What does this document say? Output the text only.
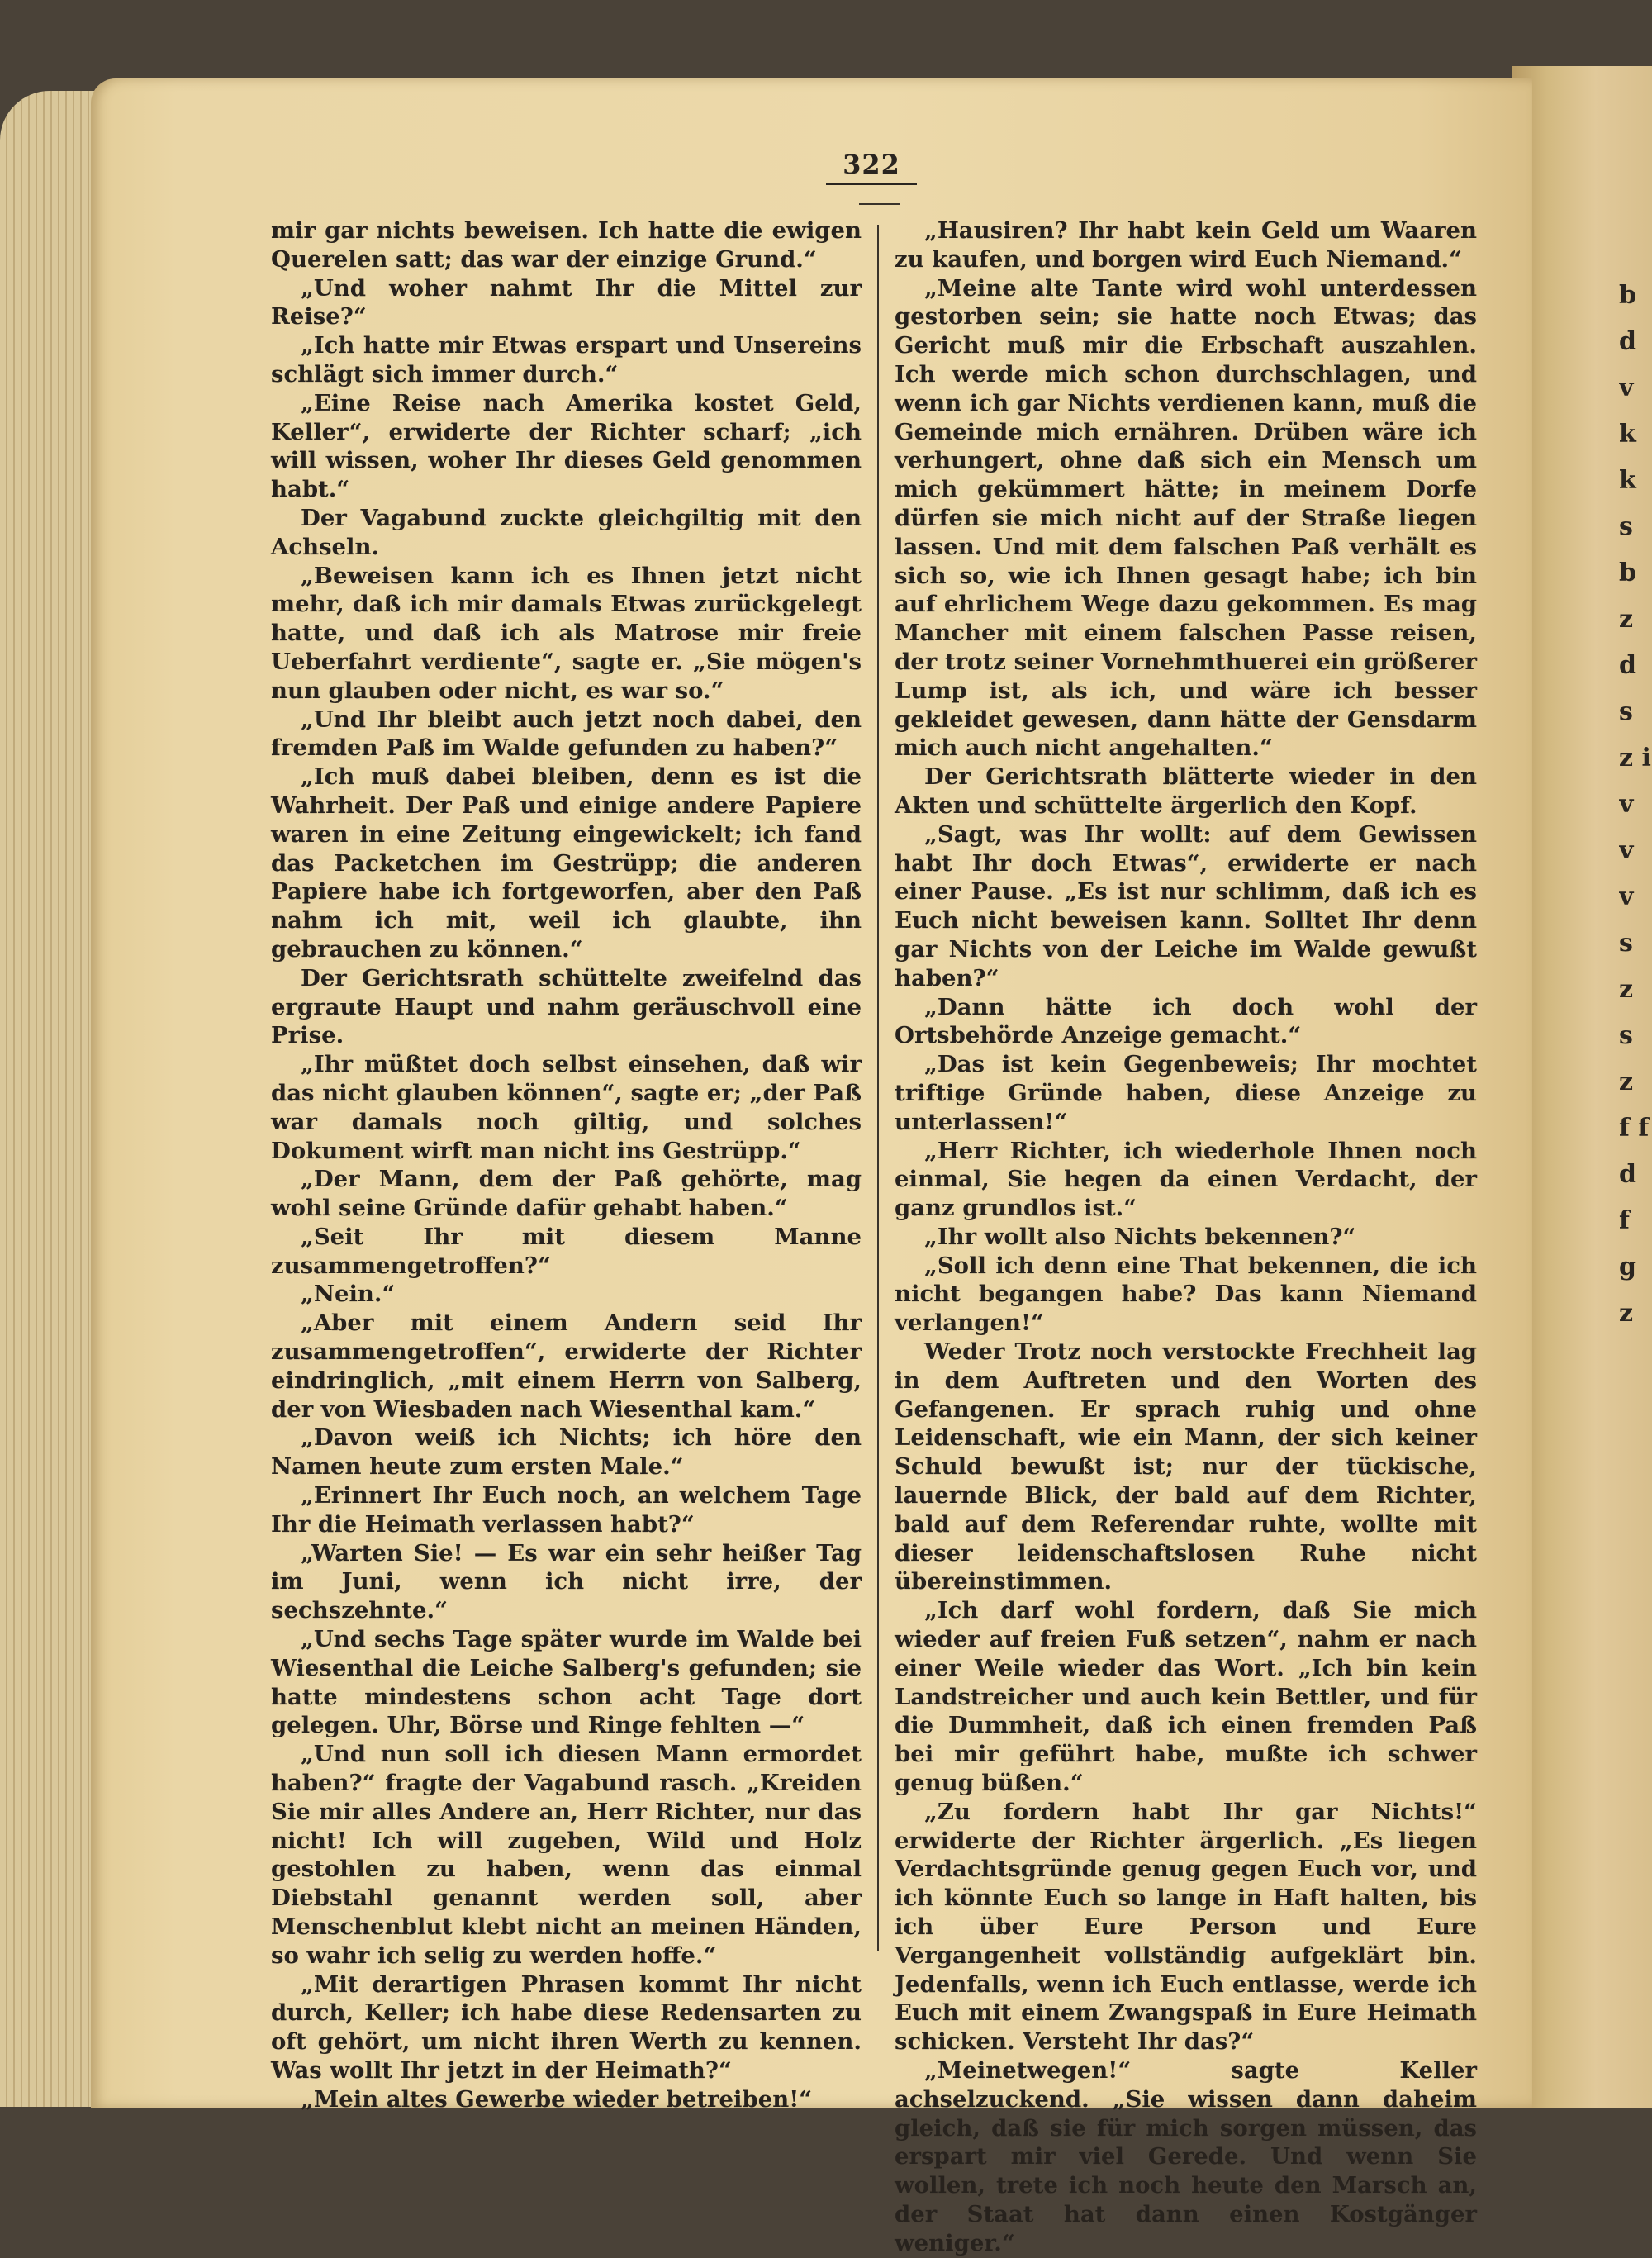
b d v k k s b z d s z i v v v s z s z f f d f g z
322

mir gar nichts beweisen. Ich hatte die ewigen Querelen satt; das war der einzige Grund.“

„Und woher nahmt Ihr die Mittel zur Reise?“

„Ich hatte mir Etwas erspart und Unsereins schlägt sich immer durch.“

„Eine Reise nach Amerika kostet Geld, Keller“, erwiderte der Richter scharf; „ich will wissen, woher Ihr dieses Geld genommen habt.“

Der Vagabund zuckte gleichgiltig mit den Achseln.

„Beweisen kann ich es Ihnen jetzt nicht mehr, daß ich mir damals Etwas zurückgelegt hatte, und daß ich als Matrose mir freie Ueberfahrt verdiente“, sagte er. „Sie mögen's nun glauben oder nicht, es war so.“

„Und Ihr bleibt auch jetzt noch dabei, den fremden Paß im Walde gefunden zu haben?“

„Ich muß dabei bleiben, denn es ist die Wahrheit. Der Paß und einige andere Papiere waren in eine Zeitung eingewickelt; ich fand das Packetchen im Gestrüpp; die anderen Papiere habe ich fortgeworfen, aber den Paß nahm ich mit, weil ich glaubte, ihn gebrauchen zu können.“

Der Gerichtsrath schüttelte zweifelnd das ergraute Haupt und nahm geräuschvoll eine Prise.

„Ihr müßtet doch selbst einsehen, daß wir das nicht glauben können“, sagte er; „der Paß war damals noch giltig, und solches Dokument wirft man nicht ins Gestrüpp.“

„Der Mann, dem der Paß gehörte, mag wohl seine Gründe dafür gehabt haben.“

„Seit Ihr mit diesem Manne zusammengetroffen?“

„Nein.“

„Aber mit einem Andern seid Ihr zusammengetroffen“, erwiderte der Richter eindringlich, „mit einem Herrn von Salberg, der von Wiesbaden nach Wiesenthal kam.“

„Davon weiß ich Nichts; ich höre den Namen heute zum ersten Male.“

„Erinnert Ihr Euch noch, an welchem Tage Ihr die Heimath verlassen habt?“

„Warten Sie! — Es war ein sehr heißer Tag im Juni, wenn ich nicht irre, der sechszehnte.“

„Und sechs Tage später wurde im Walde bei Wiesenthal die Leiche Salberg's gefunden; sie hatte mindestens schon acht Tage dort gelegen. Uhr, Börse und Ringe fehlten —“

„Und nun soll ich diesen Mann ermordet haben?“ fragte der Vagabund rasch. „Kreiden Sie mir alles Andere an, Herr Richter, nur das nicht! Ich will zugeben, Wild und Holz gestohlen zu haben, wenn das einmal Diebstahl genannt werden soll, aber Menschenblut klebt nicht an meinen Händen, so wahr ich selig zu werden hoffe.“

„Mit derartigen Phrasen kommt Ihr nicht durch, Keller; ich habe diese Redensarten zu oft gehört, um nicht ihren Werth zu kennen. Was wollt Ihr jetzt in der Heimath?“

„Mein altes Gewerbe wieder betreiben!“

„Hausiren? Ihr habt kein Geld um Waaren zu kaufen, und borgen wird Euch Niemand.“

„Meine alte Tante wird wohl unterdessen gestorben sein; sie hatte noch Etwas; das Gericht muß mir die Erbschaft auszahlen. Ich werde mich schon durchschlagen, und wenn ich gar Nichts verdienen kann, muß die Gemeinde mich ernähren. Drüben wäre ich verhungert, ohne daß sich ein Mensch um mich gekümmert hätte; in meinem Dorfe dürfen sie mich nicht auf der Straße liegen lassen. Und mit dem falschen Paß verhält es sich so, wie ich Ihnen gesagt habe; ich bin auf ehrlichem Wege dazu gekommen. Es mag Mancher mit einem falschen Passe reisen, der trotz seiner Vornehmthuerei ein größerer Lump ist, als ich, und wäre ich besser gekleidet gewesen, dann hätte der Gensdarm mich auch nicht angehalten.“

Der Gerichtsrath blätterte wieder in den Akten und schüttelte ärgerlich den Kopf.

„Sagt, was Ihr wollt: auf dem Gewissen habt Ihr doch Etwas“, erwiderte er nach einer Pause. „Es ist nur schlimm, daß ich es Euch nicht beweisen kann. Solltet Ihr denn gar Nichts von der Leiche im Walde gewußt haben?“

„Dann hätte ich doch wohl der Ortsbehörde Anzeige gemacht.“

„Das ist kein Gegenbeweis; Ihr mochtet triftige Gründe haben, diese Anzeige zu unterlassen!“

„Herr Richter, ich wiederhole Ihnen noch einmal, Sie hegen da einen Verdacht, der ganz grundlos ist.“

„Ihr wollt also Nichts bekennen?“

„Soll ich denn eine That bekennen, die ich nicht begangen habe? Das kann Niemand verlangen!“

Weder Trotz noch verstockte Frechheit lag in dem Auftreten und den Worten des Gefangenen. Er sprach ruhig und ohne Leidenschaft, wie ein Mann, der sich keiner Schuld bewußt ist; nur der tückische, lauernde Blick, der bald auf dem Richter, bald auf dem Referendar ruhte, wollte mit dieser leidenschaftslosen Ruhe nicht übereinstimmen.

„Ich darf wohl fordern, daß Sie mich wieder auf freien Fuß setzen“, nahm er nach einer Weile wieder das Wort. „Ich bin kein Landstreicher und auch kein Bettler, und für die Dummheit, daß ich einen fremden Paß bei mir geführt habe, mußte ich schwer genug büßen.“

„Zu fordern habt Ihr gar Nichts!“ erwiderte der Richter ärgerlich. „Es liegen Verdachtsgründe genug gegen Euch vor, und ich könnte Euch so lange in Haft halten, bis ich über Eure Person und Eure Vergangenheit vollständig aufgeklärt bin. Jedenfalls, wenn ich Euch entlasse, werde ich Euch mit einem Zwangspaß in Eure Heimath schicken. Versteht Ihr das?“

„Meinetwegen!“ sagte Keller achselzuckend. „Sie wissen dann daheim gleich, daß sie für mich sorgen müssen, das erspart mir viel Gerede. Und wenn Sie wollen, trete ich noch heute den Marsch an, der Staat hat dann einen Kostgänger weniger.“
